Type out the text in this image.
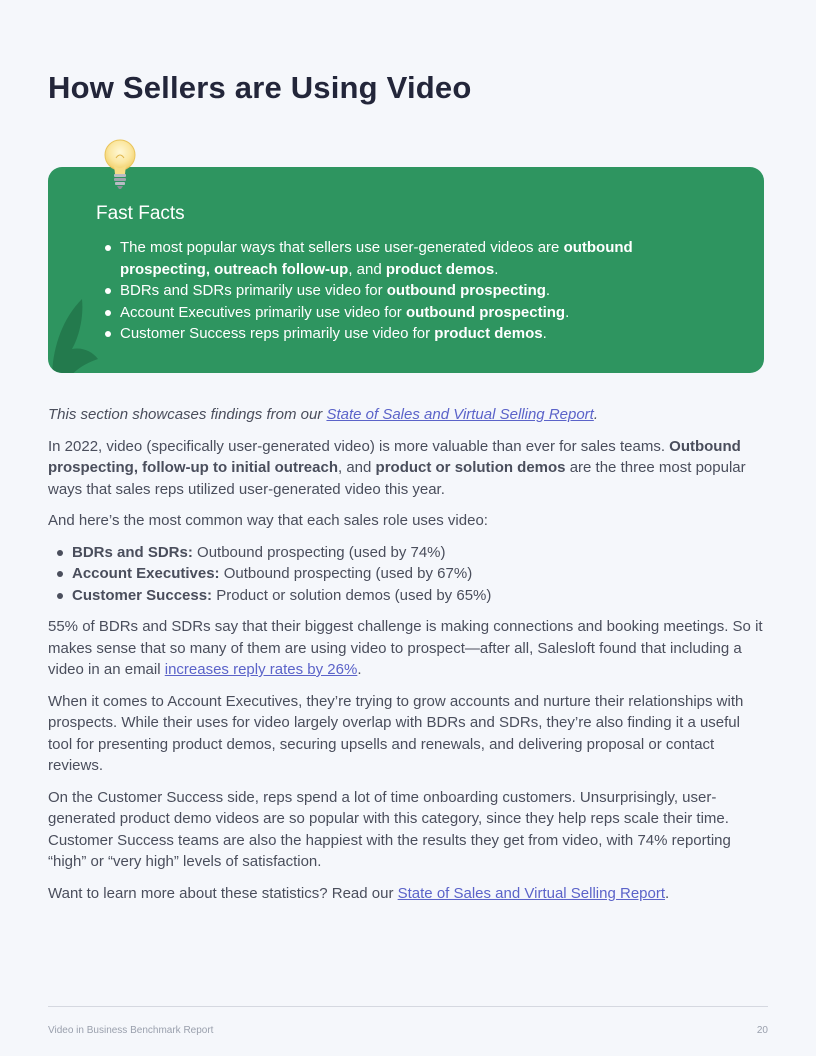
How Sellers are Using Video
Fast Facts
The most popular ways that sellers use user-generated videos are outbound prospecting, outreach follow-up, and product demos.
BDRs and SDRs primarily use video for outbound prospecting.
Account Executives primarily use video for outbound prospecting.
Customer Success reps primarily use video for product demos.

This section showcases findings from our State of Sales and Virtual Selling Report.

In 2022, video (specifically user-generated video) is more valuable than ever for sales teams. Outbound prospecting, follow-up to initial outreach, and product or solution demos are the three most popular ways that sales reps utilized user-generated video this year.

And here’s the most common way that each sales role uses video:

BDRs and SDRs: Outbound prospecting (used by 74%)
Account Executives: Outbound prospecting (used by 67%)
Customer Success: Product or solution demos (used by 65%)

55% of BDRs and SDRs say that their biggest challenge is making connections and booking meetings. So it makes sense that so many of them are using video to prospect—after all, Salesloft found that including a video in an email increases reply rates by 26%.

When it comes to Account Executives, they’re trying to grow accounts and nurture their relationships with prospects. While their uses for video largely overlap with BDRs and SDRs, they’re also finding it a useful tool for presenting product demos, securing upsells and renewals, and delivering proposal or contact reviews.

On the Customer Success side, reps spend a lot of time onboarding customers. Unsurprisingly, user-generated product demo videos are so popular with this category, since they help reps scale their time. Customer Success teams are also the happiest with the results they get from video, with 74% reporting “high” or “very high” levels of satisfaction.

Want to learn more about these statistics? Read our State of Sales and Virtual Selling Report.

Video in Business Benchmark Report	20
